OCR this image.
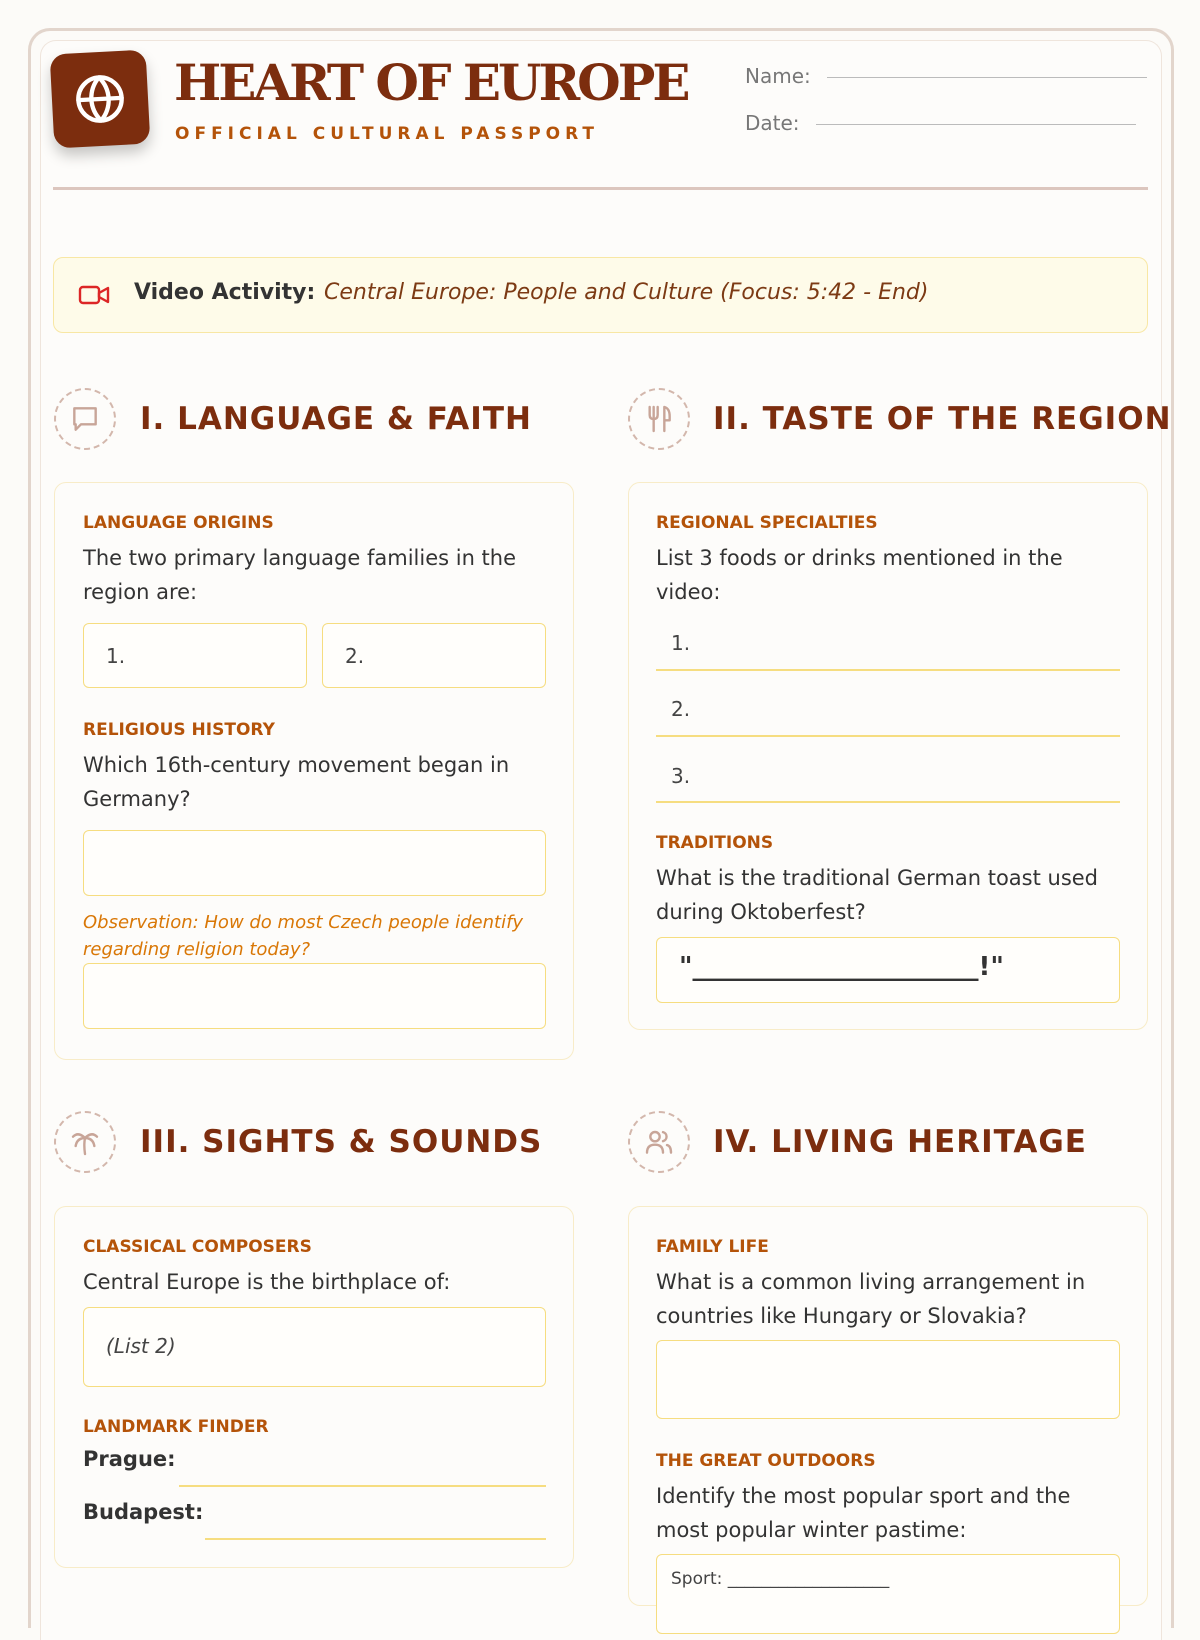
HEART OF EUROPE
OFFICIAL CULTURAL PASSPORT
Name:
Date:
Video Activity: Central Europe: People and Culture (Focus: 5:42 - End)
I. LANGUAGE & FAITH
LANGUAGE ORIGINS
The two primary language families in the region are:
1.	2.
RELIGIOUS HISTORY
Which 16th-century movement began in Germany?
Observation: How do most Czech people identify regarding religion today?
II. TASTE OF THE REGION
REGIONAL SPECIALTIES
List 3 foods or drinks mentioned in the video:
1.
2.
3.
TRADITIONS
What is the traditional German toast used during Oktoberfest?
"______________________!"
III. SIGHTS & SOUNDS
CLASSICAL COMPOSERS
Central Europe is the birthplace of:
(List 2)
LANDMARK FINDER
Prague:
Budapest:
IV. LIVING HERITAGE
FAMILY LIFE
What is a common living arrangement in countries like Hungary or Slovakia?
THE GREAT OUTDOORS
Identify the most popular sport and the most popular winter pastime:
Sport: ___________________
